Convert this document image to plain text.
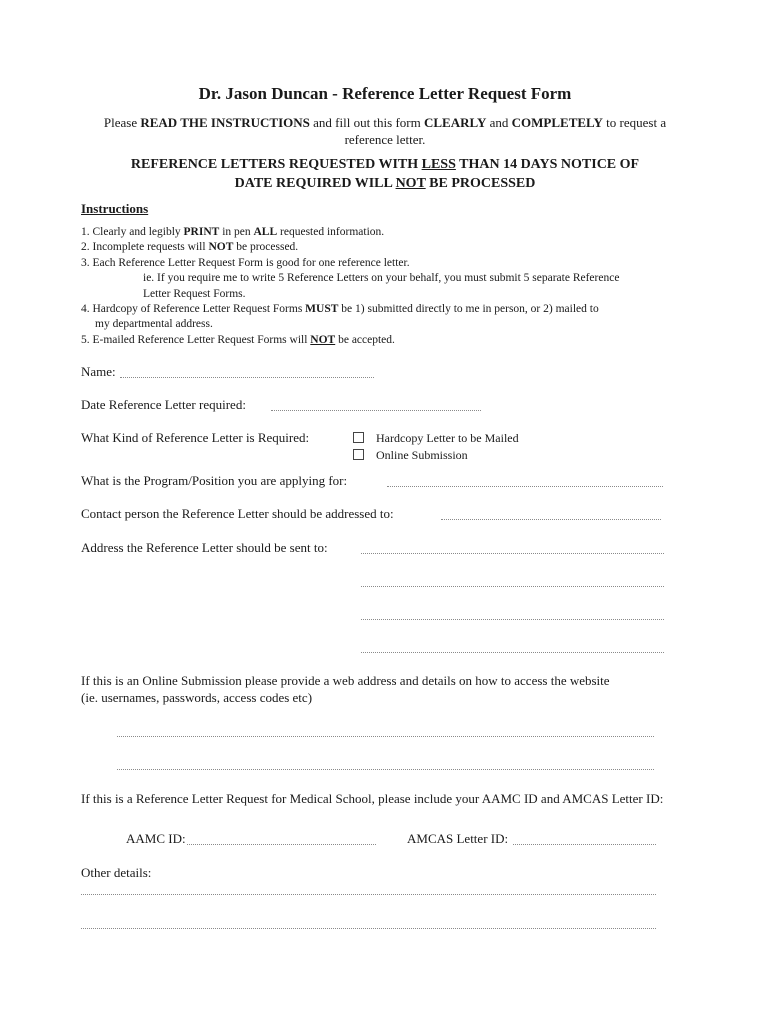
Dr. Jason Duncan - Reference Letter Request Form
Please READ THE INSTRUCTIONS and fill out this form CLEARLY and COMPLETELY to request a
reference letter.
REFERENCE LETTERS REQUESTED WITH LESS THAN 14 DAYS NOTICE OF
DATE REQUIRED WILL NOT BE PROCESSED
Instructions
1. Clearly and legibly PRINT in pen ALL requested information.
2. Incomplete requests will NOT be processed.
3. Each Reference Letter Request Form is good for one reference letter.
ie. If you require me to write 5 Reference Letters on your behalf, you must submit 5 separate Reference
Letter Request Forms.
4. Hardcopy of Reference Letter Request Forms MUST be 1) submitted directly to me in person, or 2) mailed to
my departmental address.
5. E-mailed Reference Letter Request Forms will NOT be accepted.
Name:
Date Reference Letter required:
What Kind of Reference Letter is Required:	Hardcopy Letter to be Mailed
Online Submission
What is the Program/Position you are applying for:
Contact person the Reference Letter should be addressed to:
Address the Reference Letter should be sent to:
If this is an Online Submission please provide a web address and details on how to access the website
(ie. usernames, passwords, access codes etc)
If this is a Reference Letter Request for Medical School, please include your AAMC ID and AMCAS Letter ID:
AAMC ID:	AMCAS Letter ID:
Other details:
